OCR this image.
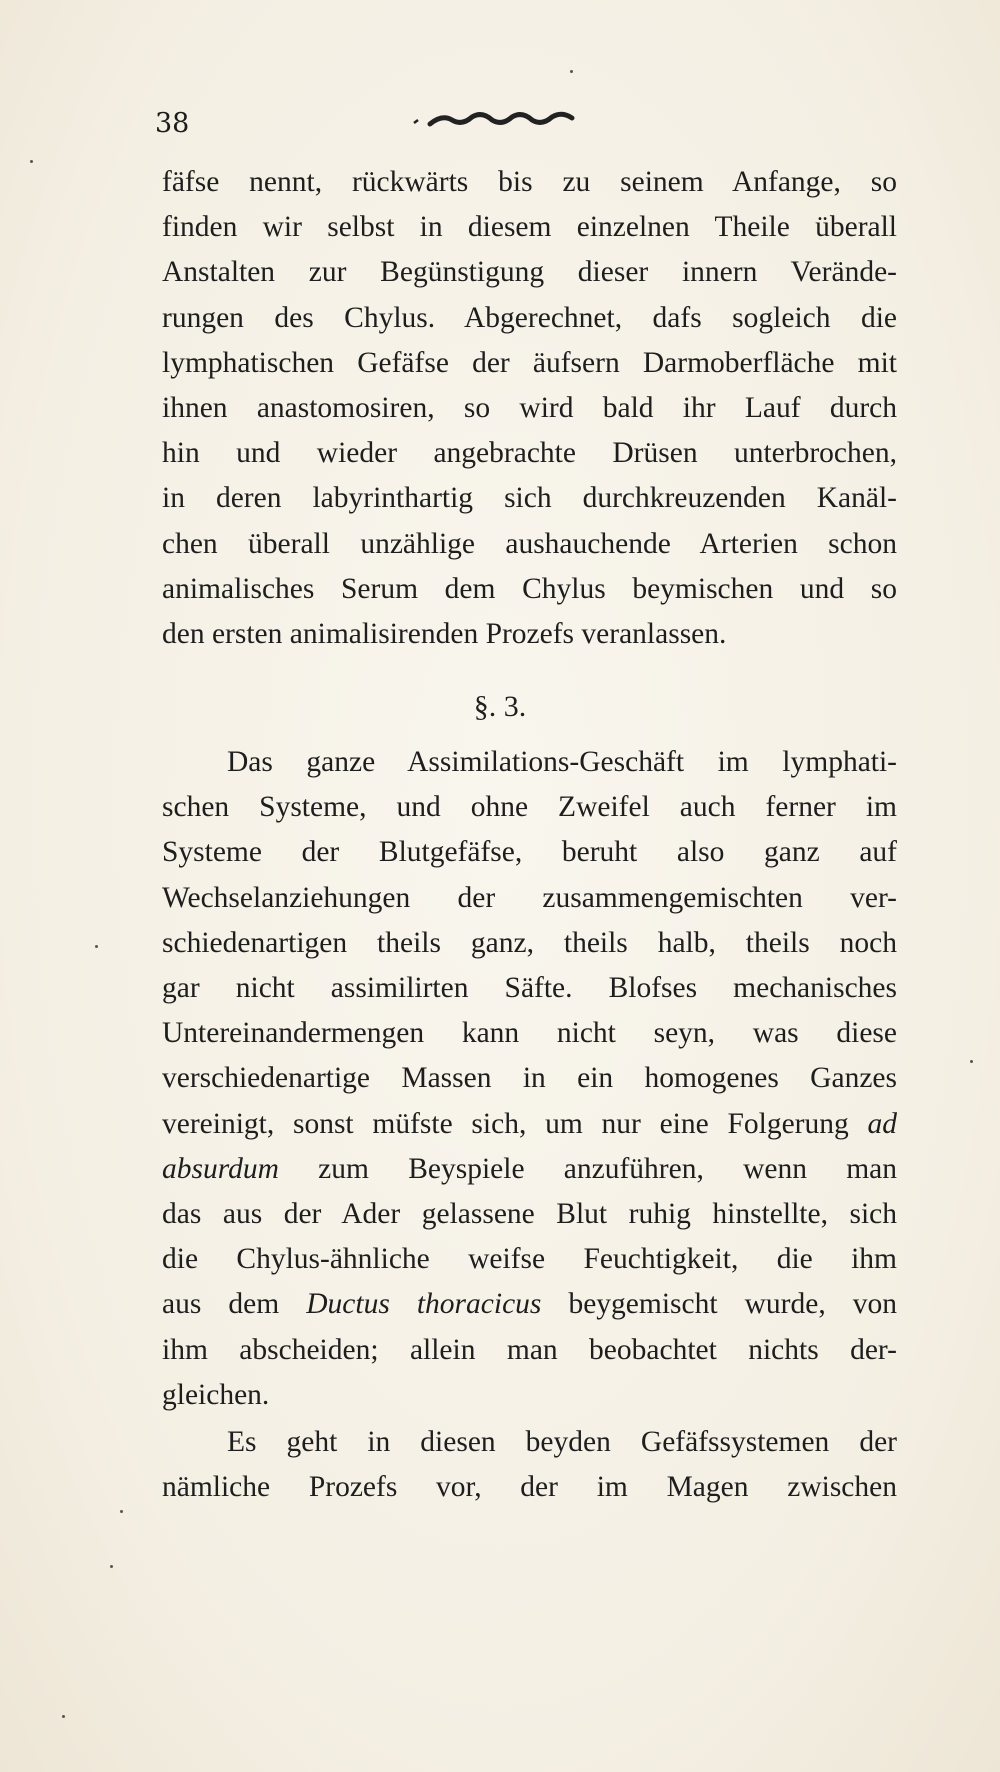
38

fäfse nennt, rückwärts bis zu seinem Anfange, so

finden wir selbst in diesem einzelnen Theile überall

Anstalten zur Begünstigung dieser innern Verände-

rungen des Chylus. Abgerechnet, dafs sogleich die

lymphatischen Gefäfse der äufsern Darmoberfläche mit

ihnen anastomosiren, so wird bald ihr Lauf durch

hin und wieder angebrachte Drüsen unterbrochen,

in deren labyrinthartig sich durchkreuzenden Kanäl-

chen überall unzählige aushauchende Arterien schon

animalisches Serum dem Chylus beymischen und so

den ersten animalisirenden Prozefs veranlassen.

§. 3.

Das ganze Assimilations-Geschäft im lymphati-

schen Systeme, und ohne Zweifel auch ferner im

Systeme der Blutgefäfse, beruht also ganz auf

Wechselanziehungen der zusammengemischten ver-

schiedenartigen theils ganz, theils halb, theils noch

gar nicht assimilirten Säfte. Blofses mechanisches

Untereinandermengen kann nicht seyn, was diese

verschiedenartige Massen in ein homogenes Ganzes

vereinigt, sonst müfste sich, um nur eine Folgerung ad

absurdum zum Beyspiele anzuführen, wenn man

das aus der Ader gelassene Blut ruhig hinstellte, sich

die Chylus-ähnliche weifse Feuchtigkeit, die ihm

aus dem Ductus thoracicus beygemischt wurde, von

ihm abscheiden; allein man beobachtet nichts der-

gleichen.

Es geht in diesen beyden Gefäfssystemen der

nämliche Prozefs vor, der im Magen zwischen
